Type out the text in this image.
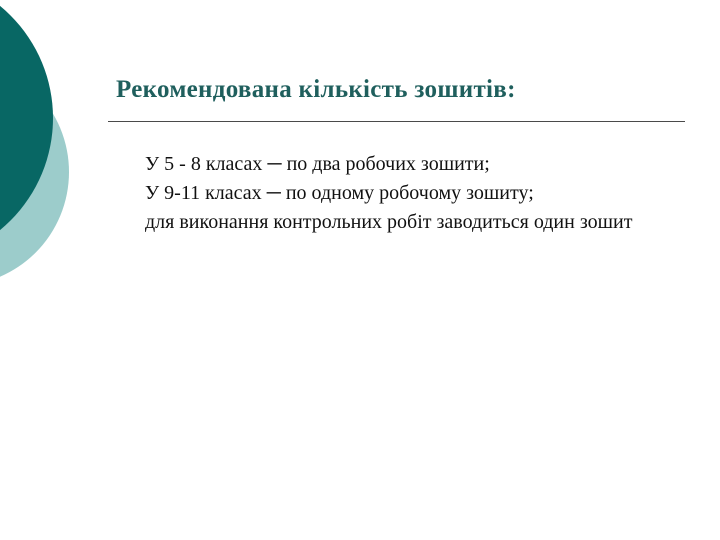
Рекомендована кількість зошитів:
У 5 - 8 класах ─ по два робочих зошити;
У 9-11 класах ─ по одному робочому зошиту;
для виконання контрольних робіт заводиться один зошит
